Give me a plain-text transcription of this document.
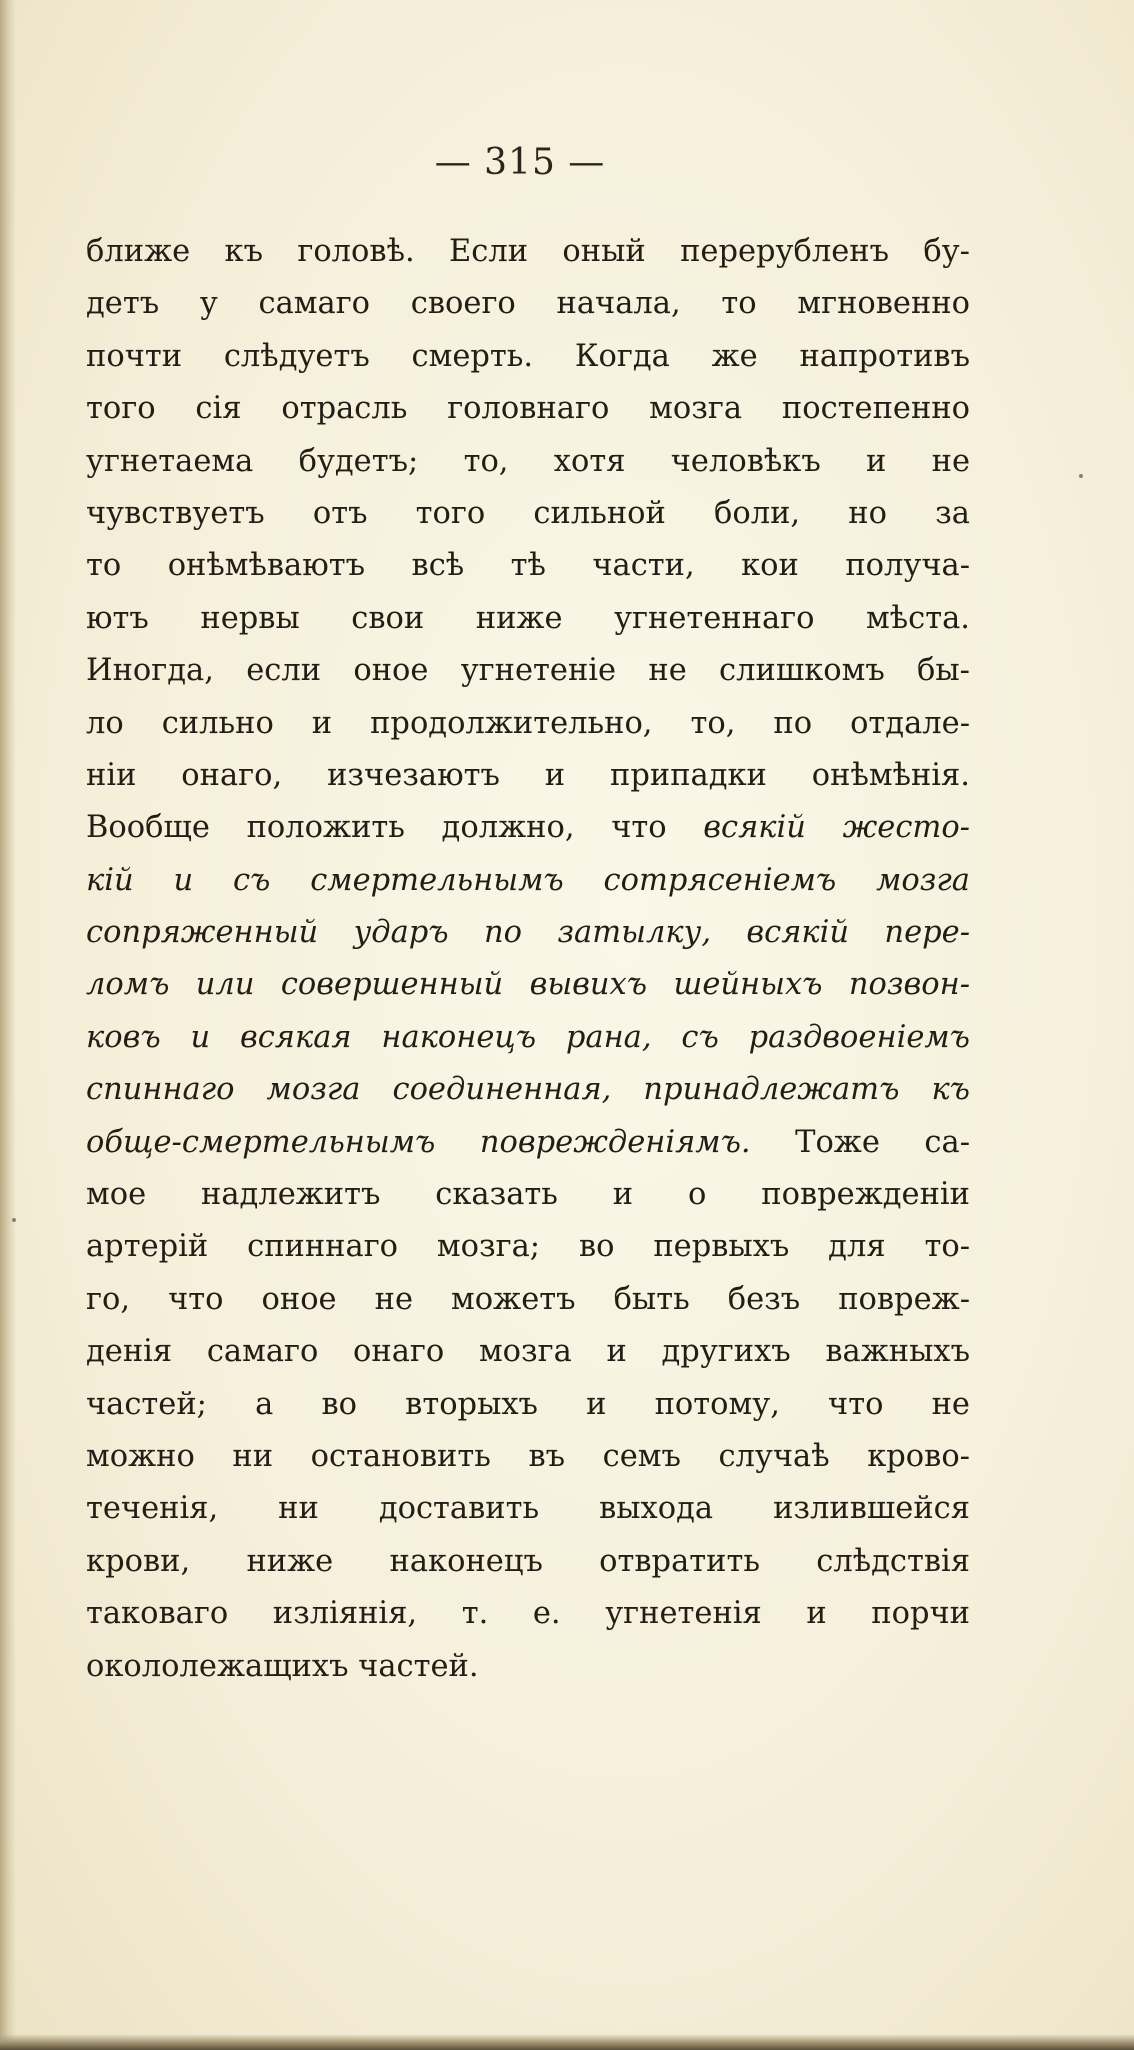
— 315 —
ближе къ головѣ. Если оный перерубленъ бу-
детъ у самаго своего начала, то мгновенно
почти слѣдуетъ смерть. Когда же напротивъ
того сія отрасль головнаго мозга постепенно
угнетаема будетъ; то, хотя человѣкъ и не
чувствуетъ отъ того сильной боли, но за
то онѣмѣваютъ всѣ тѣ части, кои получа-
ютъ нервы свои ниже угнетеннаго мѣста.
Иногда, если оное угнетеніе не слишкомъ бы-
ло сильно и продолжительно, то, по отдале-
ніи онаго, изчезаютъ и припадки онѣмѣнія.
Вообще положить должно, что всякій жесто-
кій и съ смертельнымъ сотрясеніемъ мозга
сопряженный ударъ по затылку, всякій пере-
ломъ или совершенный вывихъ шейныхъ позвон-
ковъ и всякая наконецъ рана, съ раздвоеніемъ
спиннаго мозга соединенная, принадлежатъ къ
обще-смертельнымъ поврежденіямъ. Тоже са-
мое надлежитъ сказать и о поврежденіи
артерій спиннаго мозга; во первыхъ для то-
го, что оное не можетъ быть безъ повреж-
денія самаго онаго мозга и другихъ важныхъ
частей; а во вторыхъ и потому, что не
можно ни остановить въ семъ случаѣ крово-
теченія, ни доставить выхода излившейся
крови, ниже наконецъ отвратить слѣдствія
таковаго изліянія, т. е. угнетенія и порчи
окололежащихъ частей.
